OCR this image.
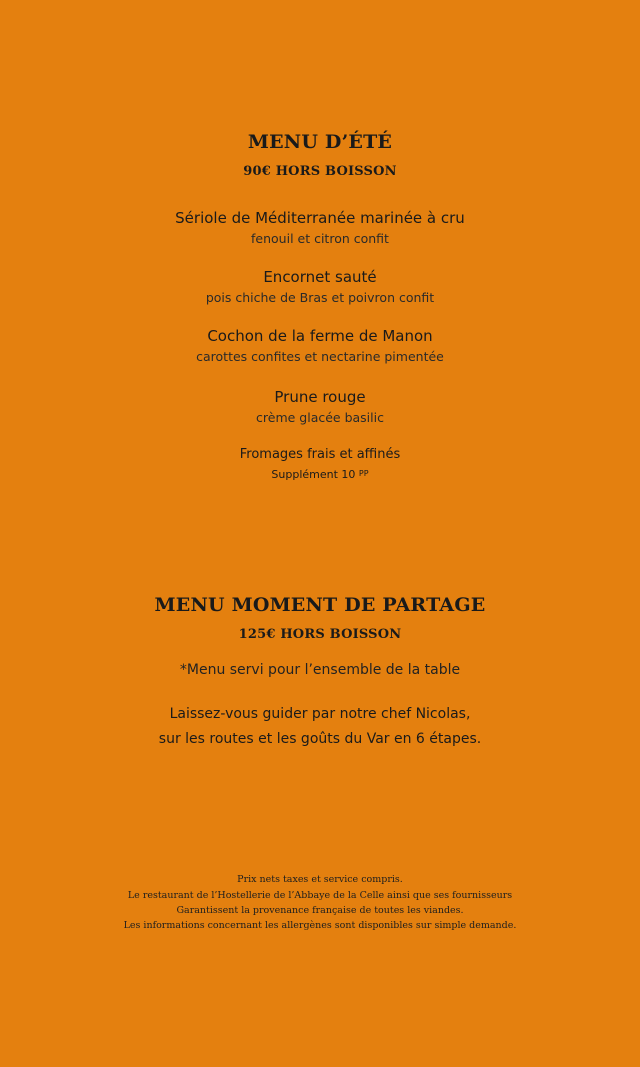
MENU D’ÉTÉ
90€ HORS BOISSON
Sériole de Méditerranée marinée à cru
fenouil et citron confit
Encornet sauté
pois chiche de Bras et poivron confit
Cochon de la ferme de Manon
carottes confites et nectarine pimentée
Prune rouge
crème glacée basilic
Fromages frais et affinés
Supplément 10 PP
MENU MOMENT DE PARTAGE
125€ HORS BOISSON
*Menu servi pour l’ensemble de la table
Laissez-vous guider par notre chef Nicolas,
sur les routes et les goûts du Var en 6 étapes.
Prix nets taxes et service compris.
Le restaurant de l’Hostellerie de l’Abbaye de la Celle ainsi que ses fournisseurs
Garantissent la provenance française de toutes les viandes.
Les informations concernant les allergènes sont disponibles sur simple demande.
